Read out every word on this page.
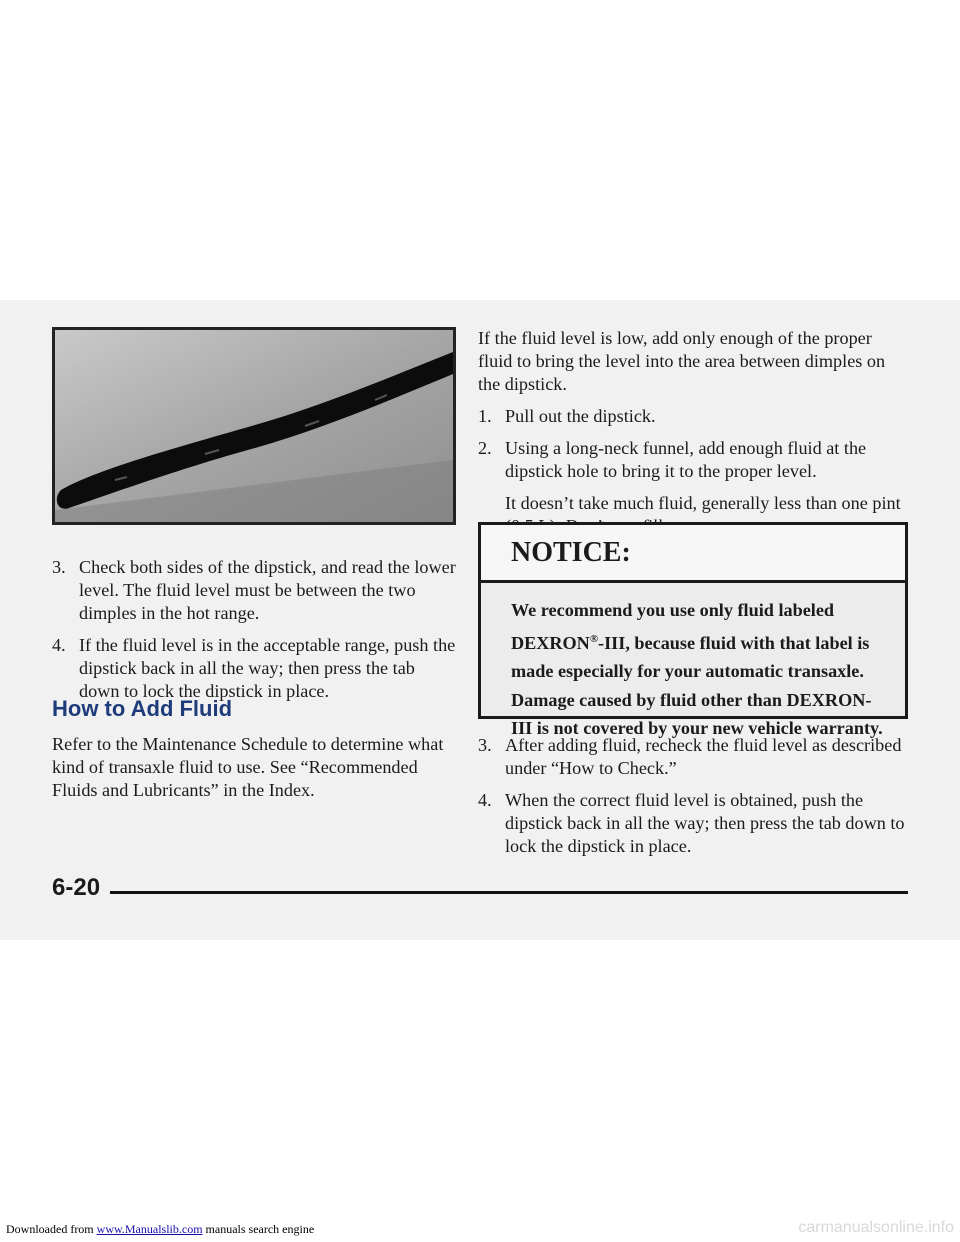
3. Check both sides of the dipstick, and read the lower level. The fluid level must be between the two dimples in the hot range.
4. If the fluid level is in the acceptable range, push the dipstick back in all the way; then press the tab down to lock the dipstick in place.
How to Add Fluid

Refer to the Maintenance Schedule to determine what kind of transaxle fluid to use. See “Recommended Fluids and Lubricants” in the Index.

If the fluid level is low, add only enough of the proper fluid to bring the level into the area between dimples on the dipstick.

1. Pull out the dipstick.
2. Using a long-neck funnel, add enough fluid at the dipstick hole to bring it to the proper level.

It doesn’t take much fluid, generally less than one pint

NOTICE:
We recommend you use only fluid labeled DEXRON®-III, because fluid with that label is made especially for your automatic transaxle. Damage caused by fluid other than DEXRON-III is not covered by your new vehicle warranty.
3. After adding fluid, recheck the fluid level as described under “How to Check.”
4. When the correct fluid level is obtained, push the dipstick back in all the way; then press the tab down to lock the dipstick in place.
6-20
Downloaded from www.Manualslib.com manuals search engine	carmanualsonline.info
